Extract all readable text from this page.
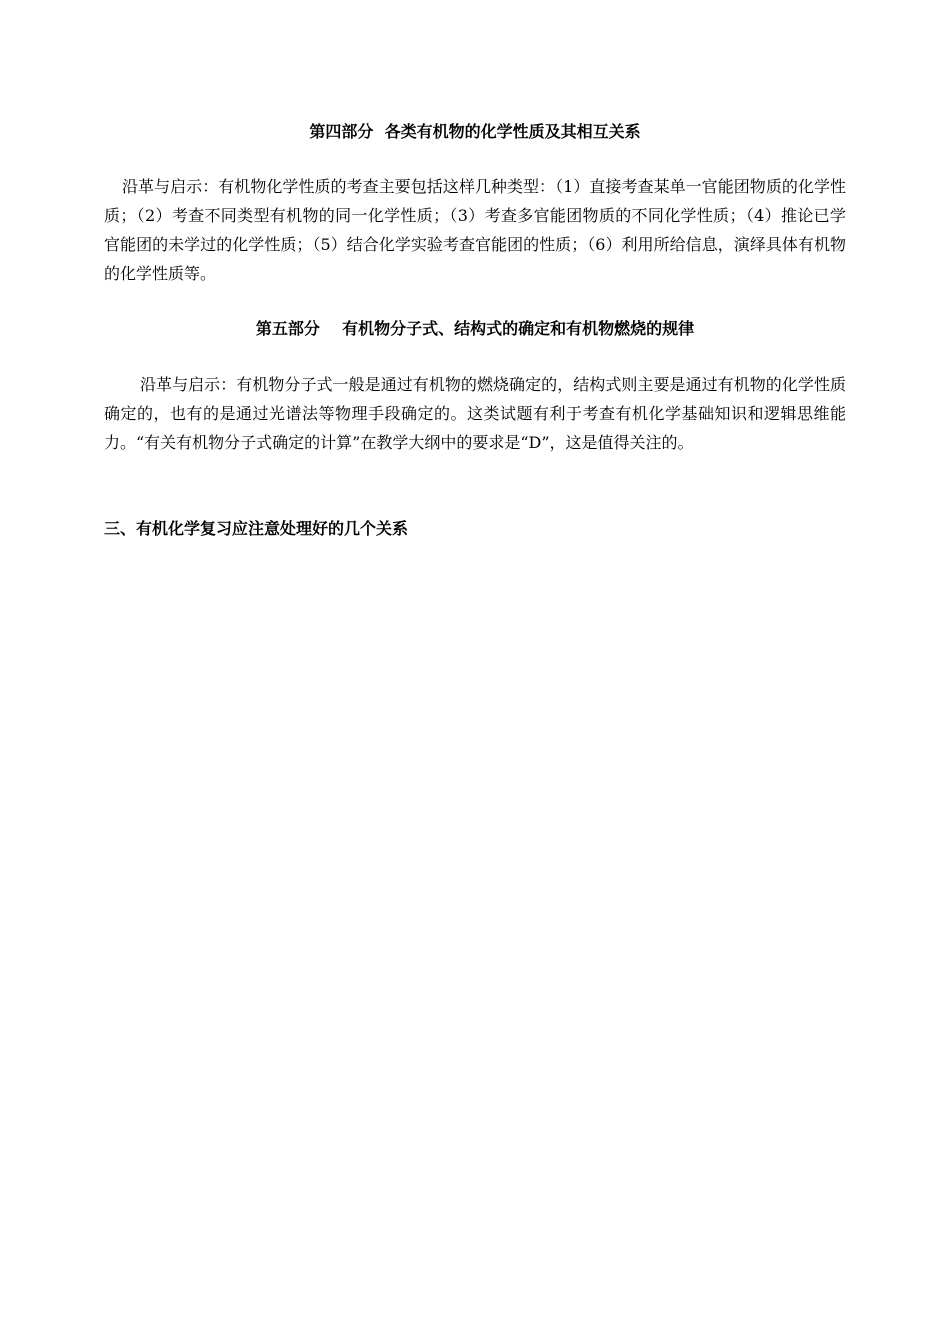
第四部分  各类有机物的化学性质及其相互关系
沿革与启示：有机物化学性质的考查主要包括这样几种类型：（1）直接考查某单一官能团物质的化学性质；（2）考查不同类型有机物的同一化学性质；（3）考查多官能团物质的不同化学性质；（4）推论已学官能团的未学过的化学性质；（5）结合化学实验考查官能团的性质；（6）利用所给信息，演绎具体有机物的化学性质等。
第五部分    有机物分子式、结构式的确定和有机物燃烧的规律
沿革与启示：有机物分子式一般是通过有机物的燃烧确定的，结构式则主要是通过有机物的化学性质确定的，也有的是通过光谱法等物理手段确定的。这类试题有利于考查有机化学基础知识和逻辑思维能力。“有关有机物分子式确定的计算”在教学大纲中的要求是“D”，这是值得关注的。
三、有机化学复习应注意处理好的几个关系
